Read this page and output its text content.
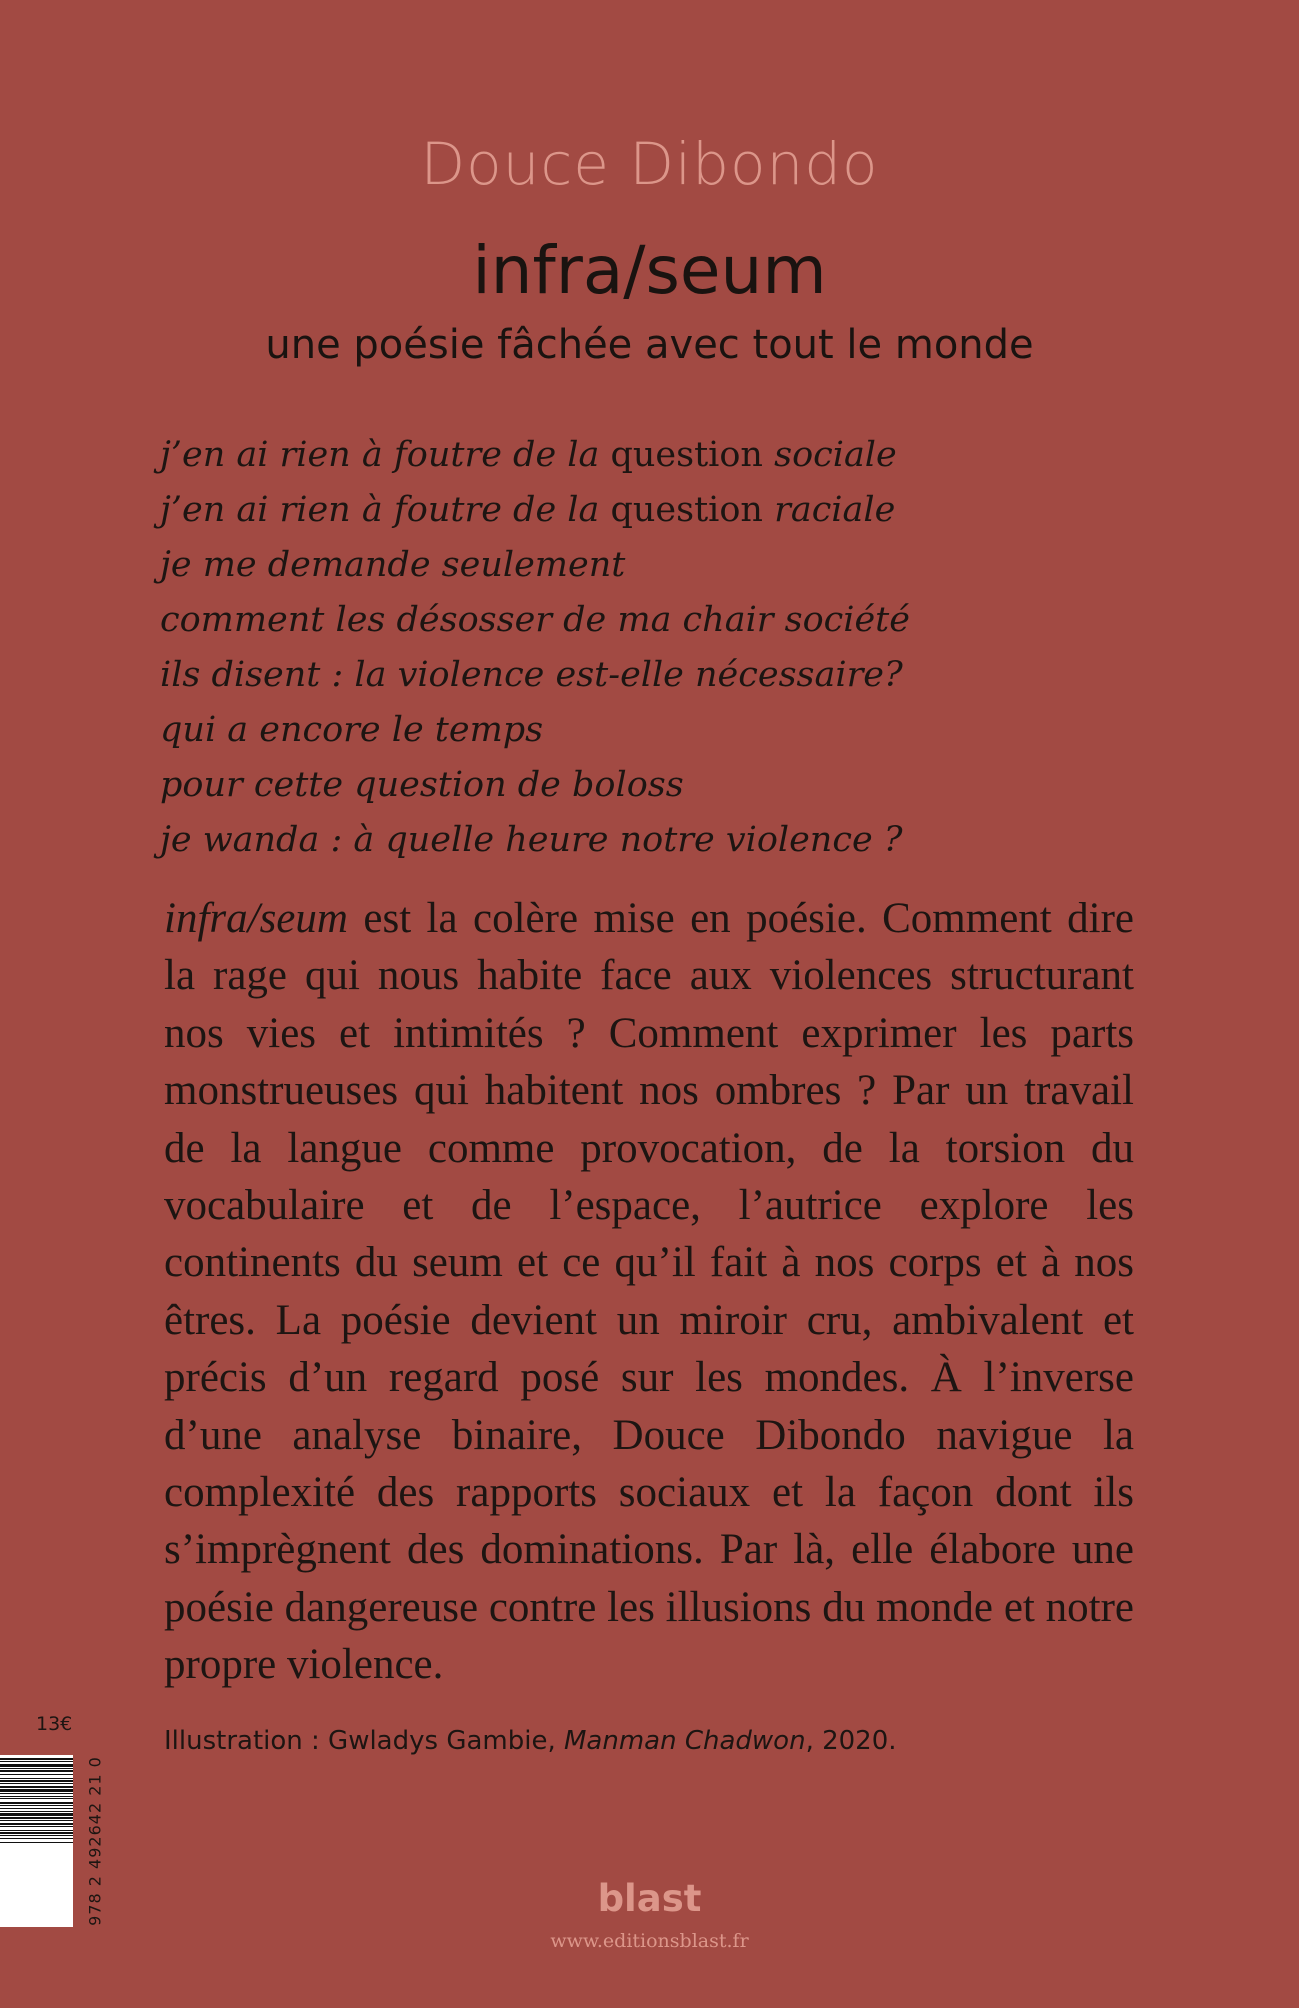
Douce Dibondo
infra/seum
une poésie fâchée avec tout le monde
j’en ai rien à foutre de la question sociale
j’en ai rien à foutre de la question raciale
je me demande seulement
comment les désosser de ma chair société
ils disent : la violence est-elle nécessaire?
qui a encore le temps
pour cette question de boloss
je wanda : à quelle heure notre violence ?
infra/seum est la colère mise en poésie. Comment dire la rage qui nous habite face aux violences structurant nos vies et intimités ? Comment exprimer les parts monstrueuses qui habitent nos ombres ? Par un travail de la langue comme provocation, de la torsion du vocabulaire et de l’espace, l’autrice explore les continents du seum et ce qu’il fait à nos corps et à nos êtres. La poésie devient un miroir cru, ambivalent et précis d’un regard posé sur les mondes. À l’inverse d’une analyse binaire, Douce Dibondo navigue la complexité des rapports sociaux et la façon dont ils s’imprègnent des dominations. Par là, elle élabore une poésie dangereuse contre les illusions du monde et notre propre violence.
Illustration : Gwladys Gambie, Manman Chadwon, 2020.
13€
978 2 492642 21 0	blast
www.editionsblast.fr
